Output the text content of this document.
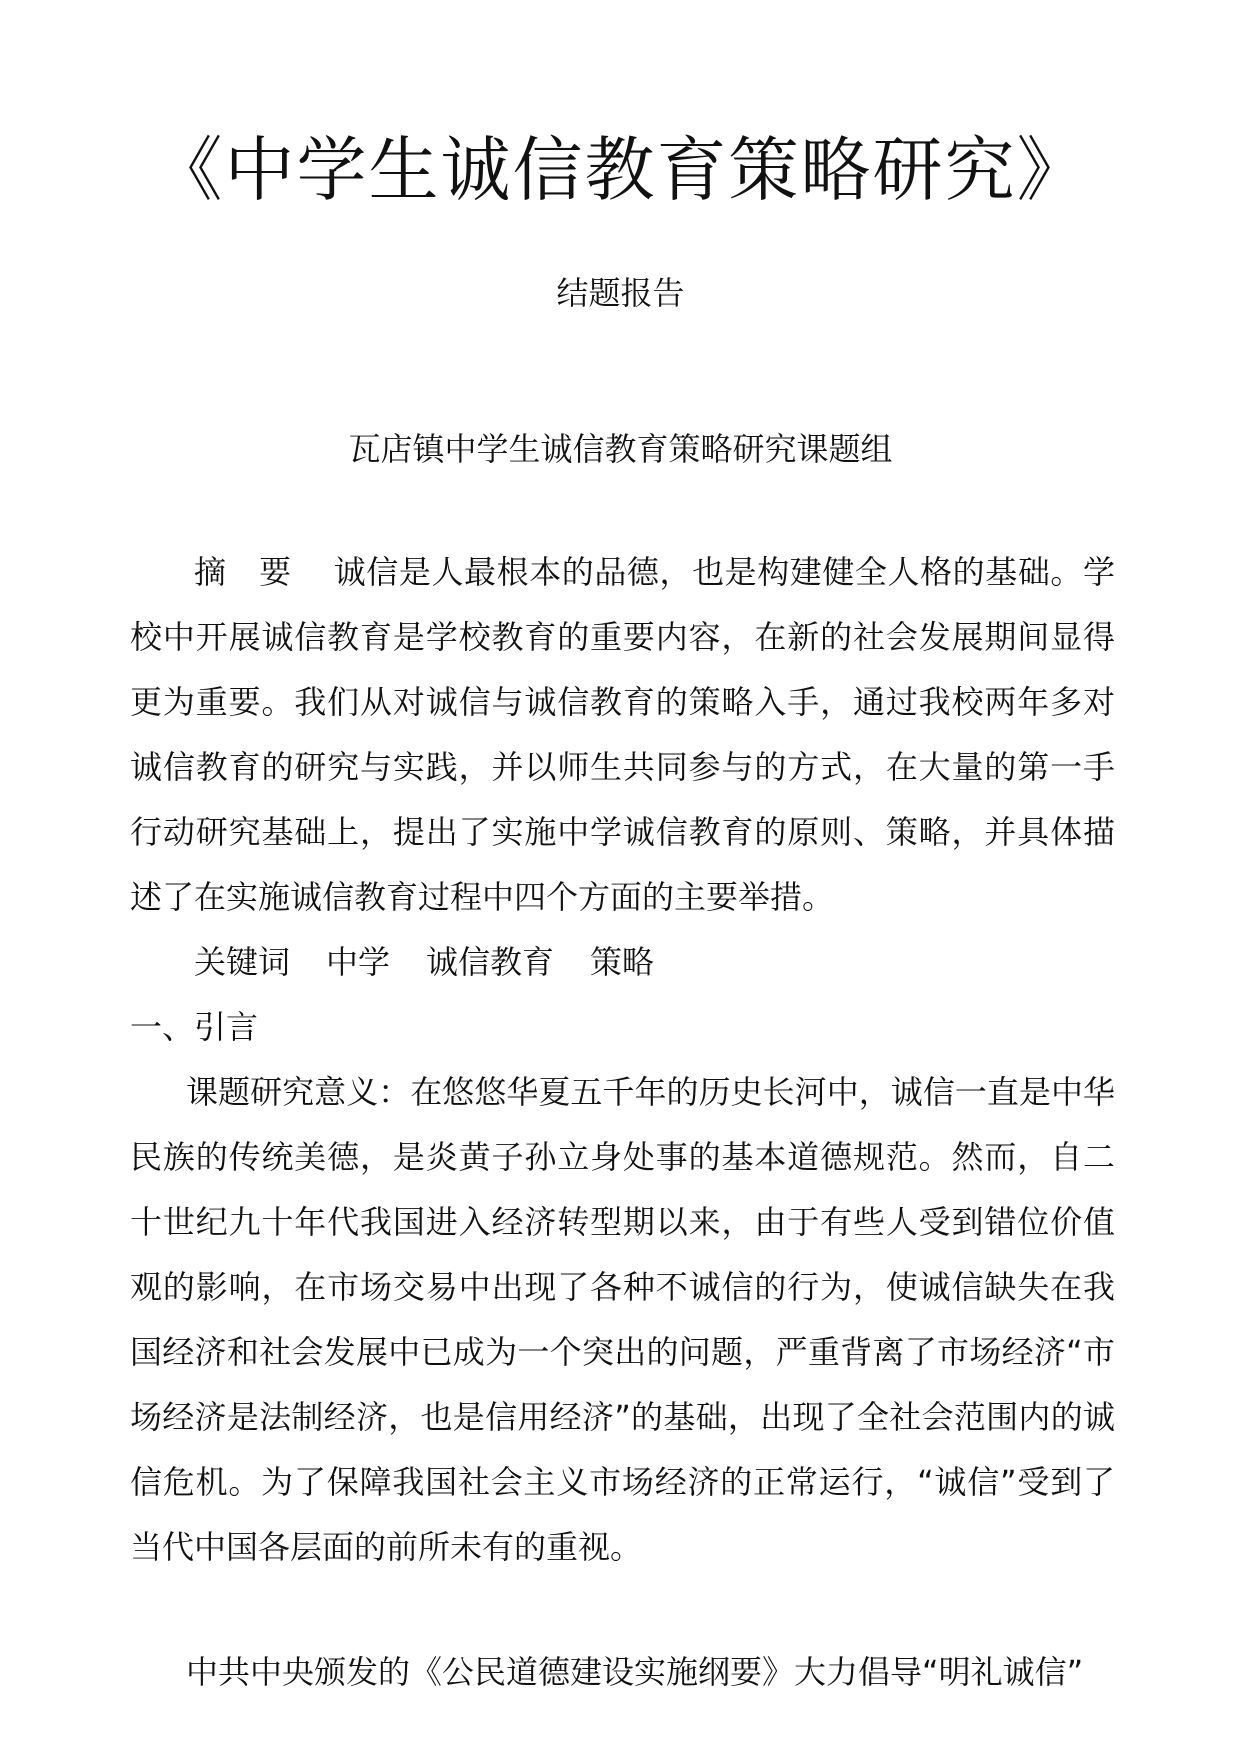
《中学生诚信教育策略研究》

结题报告

瓦店镇中学生诚信教育策略研究课题组

摘　要 诚信是人最根本的品德，也是构建健全人格的基础。学校中开展诚信教育是学校教育的重要内容，在新的社会发展期间显得更为重要。我们从对诚信与诚信教育的策略入手，通过我校两年多对诚信教育的研究与实践，并以师生共同参与的方式，在大量的第一手行动研究基础上，提出了实施中学诚信教育的原则、策略，并具体描述了在实施诚信教育过程中四个方面的主要举措。

关键词 中学 诚信教育 策略

一、引言

课题研究意义：在悠悠华夏五千年的历史长河中，诚信一直是中华民族的传统美德，是炎黄子孙立身处事的基本道德规范。然而，自二十世纪九十年代我国进入经济转型期以来，由于有些人受到错位价值观的影响，在市场交易中出现了各种不诚信的行为，使诚信缺失在我国经济和社会发展中已成为一个突出的问题，严重背离了市场经济“市场经济是法制经济，也是信用经济”的基础，出现了全社会范围内的诚信危机。为了保障我国社会主义市场经济的正常运行，“诚信”受到了当代中国各层面的前所未有的重视。

中共中央颁发的《公民道德建设实施纲要》大力倡导“明礼诚信”
